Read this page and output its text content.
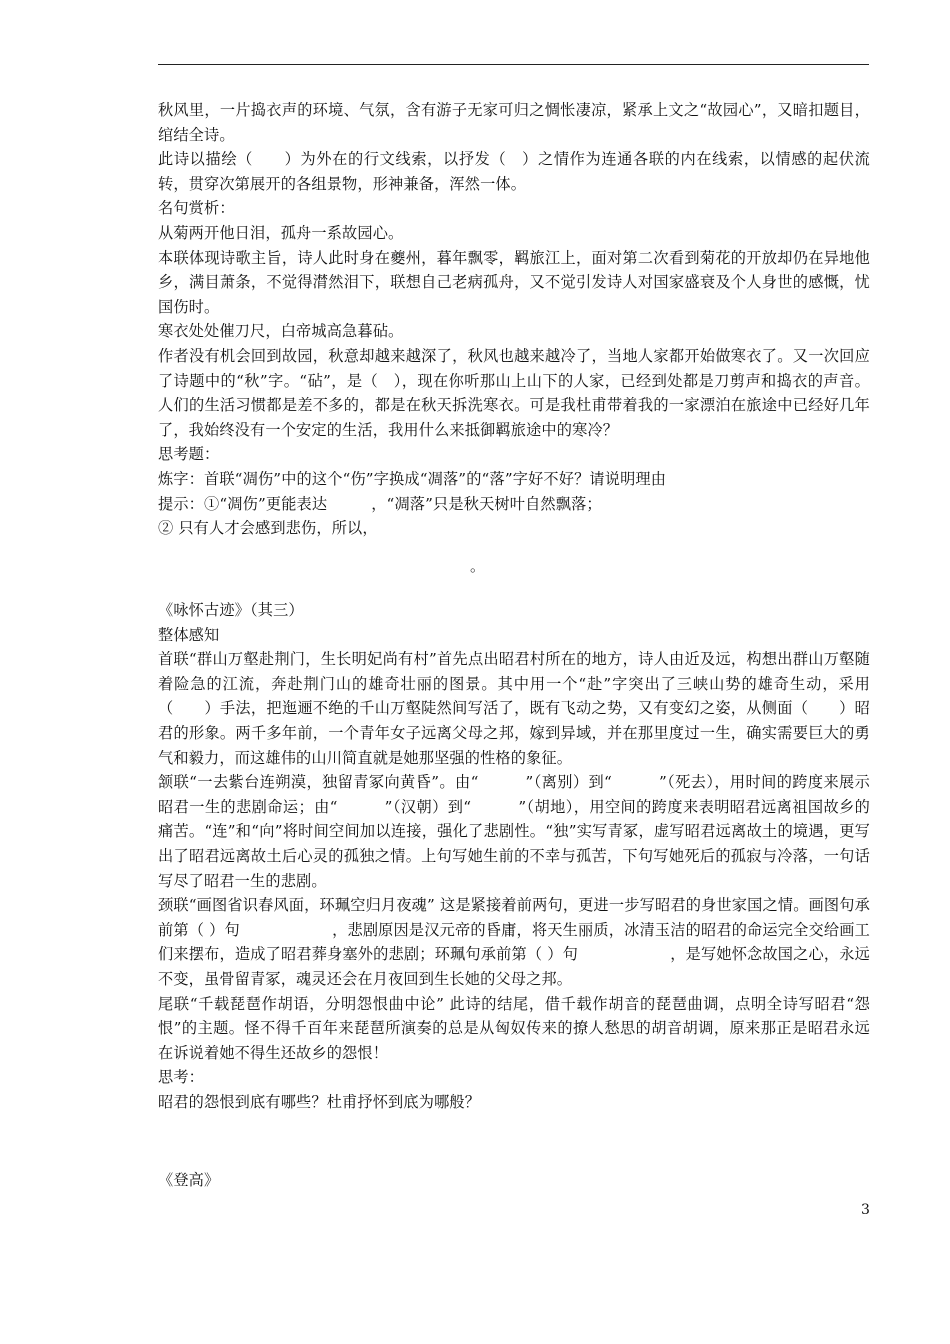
秋风里，一片捣衣声的环境、气氛，含有游子无家可归之惆怅凄凉，紧承上文之“故园心”，又暗扣题目，绾结全诗。

此诗以描绘（　　）为外在的行文线索，以抒发（　）之情作为连通各联的内在线索，以情感的起伏流转，贯穿次第展开的各组景物，形神兼备，浑然一体。

名句赏析：

从菊两开他日泪，孤舟一系故园心。

本联体现诗歌主旨，诗人此时身在夔州，暮年飘零，羁旅江上，面对第二次看到菊花的开放却仍在异地他乡，满目萧条，不觉得潸然泪下，联想自己老病孤舟，又不觉引发诗人对国家盛衰及个人身世的感慨，忧国伤时。

寒衣处处催刀尺，白帝城高急暮砧。

作者没有机会回到故园，秋意却越来越深了，秋风也越来越冷了，当地人家都开始做寒衣了。又一次回应了诗题中的“秋”字。“砧”，是（　），现在你听那山上山下的人家，已经到处都是刀剪声和捣衣的声音。人们的生活习惯都是差不多的，都是在秋天拆洗寒衣。可是我杜甫带着我的一家漂泊在旅途中已经好几年了，我始终没有一个安定的生活，我用什么来抵御羁旅途中的寒冷？

思考题：

炼字：首联“凋伤”中的这个“伤”字换成“凋落”的“落”字好不好？请说明理由

提示：①“凋伤”更能表达	，“凋落”只是秋天树叶自然飘落；

② 只有人才会感到悲伤，所以，

。

《咏怀古迹》（其三）

整体感知

首联“群山万壑赴荆门，生长明妃尚有村”首先点出昭君村所在的地方，诗人由近及远，构想出群山万壑随着险急的江流，奔赴荆门山的雄奇壮丽的图景。其中用一个“赴”字突出了三峡山势的雄奇生动，采用（　　）手法，把迤逦不绝的千山万壑陡然间写活了，既有飞动之势，又有变幻之姿，从侧面（　　）昭君的形象。两千多年前，一个青年女子远离父母之邦，嫁到异域，并在那里度过一生，确实需要巨大的勇气和毅力，而这雄伟的山川简直就是她那坚强的性格的象征。

颔联“一去紫台连朔漠，独留青冢向黄昏”。由“　　　”（离别）到“　　　”（死去），用时间的跨度来展示昭君一生的悲剧命运；由“　　　”（汉朝）到“　　　”（胡地），用空间的跨度来表明昭君远离祖国故乡的痛苦。“连”和“向”将时间空间加以连接，强化了悲剧性。“独”实写青冢，虚写昭君远离故土的境遇，更写出了昭君远离故土后心灵的孤独之情。上句写她生前的不幸与孤苦，下句写她死后的孤寂与冷落，一句话写尽了昭君一生的悲剧。

颈联“画图省识春风面，环珮空归月夜魂” 这是紧接着前两句，更进一步写昭君的身世家国之情。画图句承前第（ ）句　　　　　　，悲剧原因是汉元帝的昏庸，将天生丽质，冰清玉洁的昭君的命运完全交给画工们来摆布，造成了昭君葬身塞外的悲剧；环珮句承前第（ ）句　　　　　　，是写她怀念故国之心，永远不变，虽骨留青冢，魂灵还会在月夜回到生长她的父母之邦。

尾联“千载琵琶作胡语，分明怨恨曲中论” 此诗的结尾，借千载作胡音的琵琶曲调，点明全诗写昭君“怨恨”的主题。怪不得千百年来琵琶所演奏的总是从匈奴传来的撩人愁思的胡音胡调，原来那正是昭君永远在诉说着她不得生还故乡的怨恨！

思考：

昭君的怨恨到底有哪些？杜甫抒怀到底为哪般？

《登高》

3
